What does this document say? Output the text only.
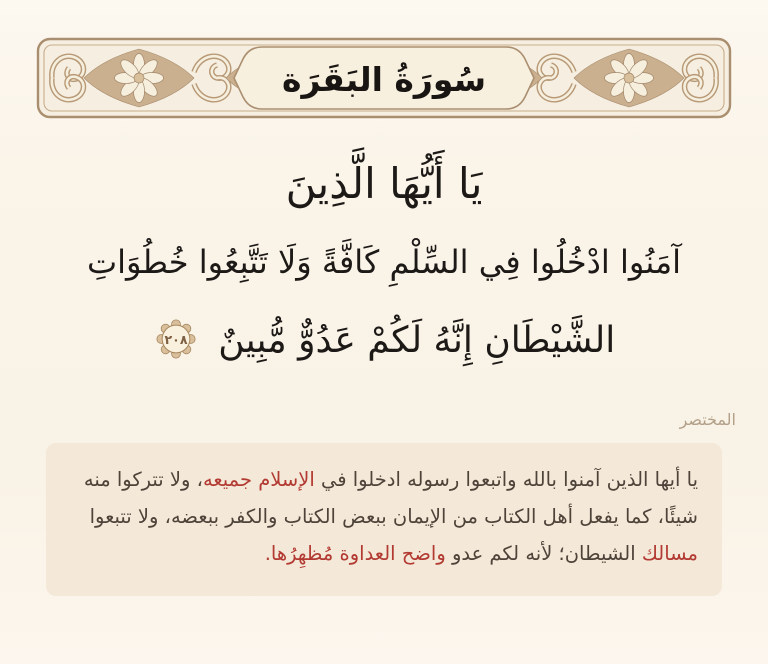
سُورَةُ البَقَرَة
يَا أَيُّهَا الَّذِينَ
آمَنُوا ادْخُلُوا فِي السِّلْمِ كَافَّةً وَلَا تَتَّبِعُوا خُطُوَاتِ
الشَّيْطَانِ إِنَّهُ لَكُمْ عَدُوٌّ مُّبِينٌ
٢٠٨
المختصر

يا أيها الذين آمنوا بالله واتبعوا رسوله ادخلوا في الإسلام جميعه، ولا تتركوا منه شيئًا، كما يفعل أهل الكتاب من الإيمان ببعض الكتاب والكفر ببعضه، ولا تتبعوا مسالك الشيطان؛ لأنه لكم عدو واضح العداوة مُظهِرُها.
